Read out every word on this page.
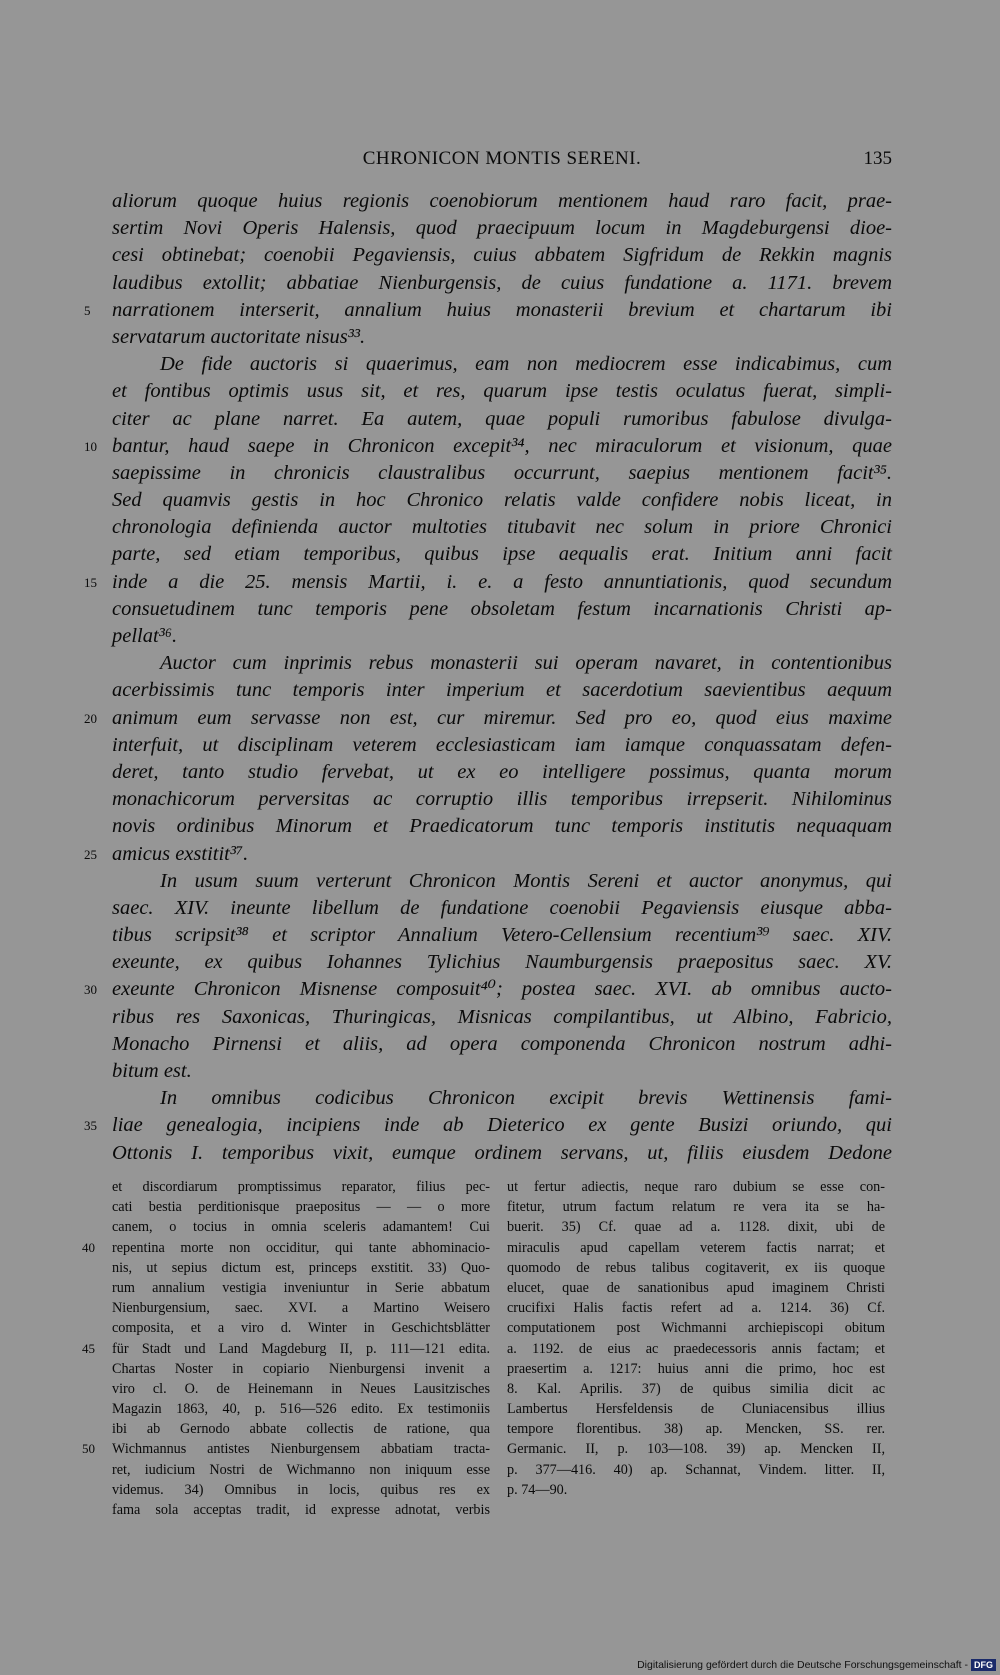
CHRONICON MONTIS SERENI.	135
aliorum quoque huius regionis coenobiorum mentionem haud raro facit, prae-
sertim Novi Operis Halensis, quod praecipuum locum in Magdeburgensi dioe-
cesi obtinebat; coenobii Pegaviensis, cuius abbatem Sigfridum de Rekkin magnis
laudibus extollit; abbatiae Nienburgensis, de cuius fundatione a. 1171. brevem
5	narrationem interserit, annalium huius monasterii brevium et chartarum ibi
servatarum auctoritate nisus³³.
De fide auctoris si quaerimus, eam non mediocrem esse indicabimus, cum
et fontibus optimis usus sit, et res, quarum ipse testis oculatus fuerat, simpli-
citer ac plane narret. Ea autem, quae populi rumoribus fabulose divulga-
10 bantur, haud saepe in Chronicon excepit³⁴, nec miraculorum et visionum, quae
saepissime in chronicis claustralibus occurrunt, saepius mentionem facit³⁵.
Sed quamvis gestis in hoc Chronico relatis valde confidere nobis liceat, in
chronologia definienda auctor multoties titubavit nec solum in priore Chronici
parte, sed etiam temporibus, quibus ipse aequalis erat. Initium anni facit
15 inde a die 25. mensis Martii, i. e. a festo annuntiationis, quod secundum
consuetudinem tunc temporis pene obsoletam festum incarnationis Christi ap-
pellat³⁶.
Auctor cum inprimis rebus monasterii sui operam navaret, in contentionibus
acerbissimis tunc temporis inter imperium et sacerdotium saevientibus aequum
20 animum eum servasse non est, cur miremur. Sed pro eo, quod eius maxime
interfuit, ut disciplinam veterem ecclesiasticam iam iamque conquassatam defen-
deret, tanto studio fervebat, ut ex eo intelligere possimus, quanta morum
monachicorum perversitas ac corruptio illis temporibus irrepserit. Nihilominus
novis ordinibus Minorum et Praedicatorum tunc temporis institutis nequaquam
25 amicus exstitit³⁷.
In usum suum verterunt Chronicon Montis Sereni et auctor anonymus, qui
saec. XIV. ineunte libellum de fundatione coenobii Pegaviensis eiusque abba-
tibus scripsit³⁸ et scriptor Annalium Vetero-Cellensium recentium³⁹ saec. XIV.
exeunte, ex quibus Iohannes Tylichius Naumburgensis praepositus saec. XV.
30 exeunte Chronicon Misnense composuit⁴⁰; postea saec. XVI. ab omnibus aucto-
ribus res Saxonicas, Thuringicas, Misnicas compilantibus, ut Albino, Fabricio,
Monacho Pirnensi et aliis, ad opera componenda Chronicon nostrum adhi-
bitum est.
In omnibus codicibus Chronicon excipit brevis Wettinensis fami-
35 liae genealogia, incipiens inde ab Dieterico ex gente Busizi oriundo, qui
Ottonis I. temporibus vixit, eumque ordinem servans, ut, filiis eiusdem Dedone
et discordiarum promptissimus reparator, filius pec-
cati bestia perditionisque praepositus — — o more
canem, o tocius in omnia sceleris adamantem! Cui
40	repentina morte non occiditur, qui tante abhominacio-
nis, ut sepius dictum est, princeps exstitit. 33) Quo-
rum annalium vestigia inveniuntur in Serie abbatum
Nienburgensium, saec. XVI. a Martino Weisero
composita, et a viro d. Winter in Geschichtsblätter
45	für Stadt und Land Magdeburg II, p. 111—121 edita.
Chartas Noster in copiario Nienburgensi invenit a
viro cl. O. de Heinemann in Neues Lausitzisches
Magazin 1863, 40, p. 516—526 edito. Ex testimoniis
ibi ab Gernodo abbate collectis de ratione, qua
50	Wichmannus antistes Nienburgensem abbatiam tracta-
ret, iudicium Nostri de Wichmanno non iniquum esse
videmus. 34) Omnibus in locis, quibus res ex
fama sola acceptas tradit, id expresse adnotat, verbis
ut fertur adiectis, neque raro dubium se esse con-
fitetur, utrum factum relatum re vera ita se ha-
buerit. 35) Cf. quae ad a. 1128. dixit, ubi de
miraculis apud capellam veterem factis narrat; et
quomodo de rebus talibus cogitaverit, ex iis quoque
elucet, quae de sanationibus apud imaginem Christi
crucifixi Halis factis refert ad a. 1214. 36) Cf.
computationem post Wichmanni archiepiscopi obitum
a. 1192. de eius ac praedecessoris annis factam; et
praesertim a. 1217: huius anni die primo, hoc est
8. Kal. Aprilis. 37) de quibus similia dicit ac
Lambertus Hersfeldensis de Cluniacensibus illius
tempore florentibus. 38) ap. Mencken, SS. rer.
Germanic. II, p. 103—108. 39) ap. Mencken II,
p. 377—416. 40) ap. Schannat, Vindem. litter. II,
p. 74—90.
Digitalisierung gefördert durch die Deutsche Forschungsgemeinschaft - DFG
